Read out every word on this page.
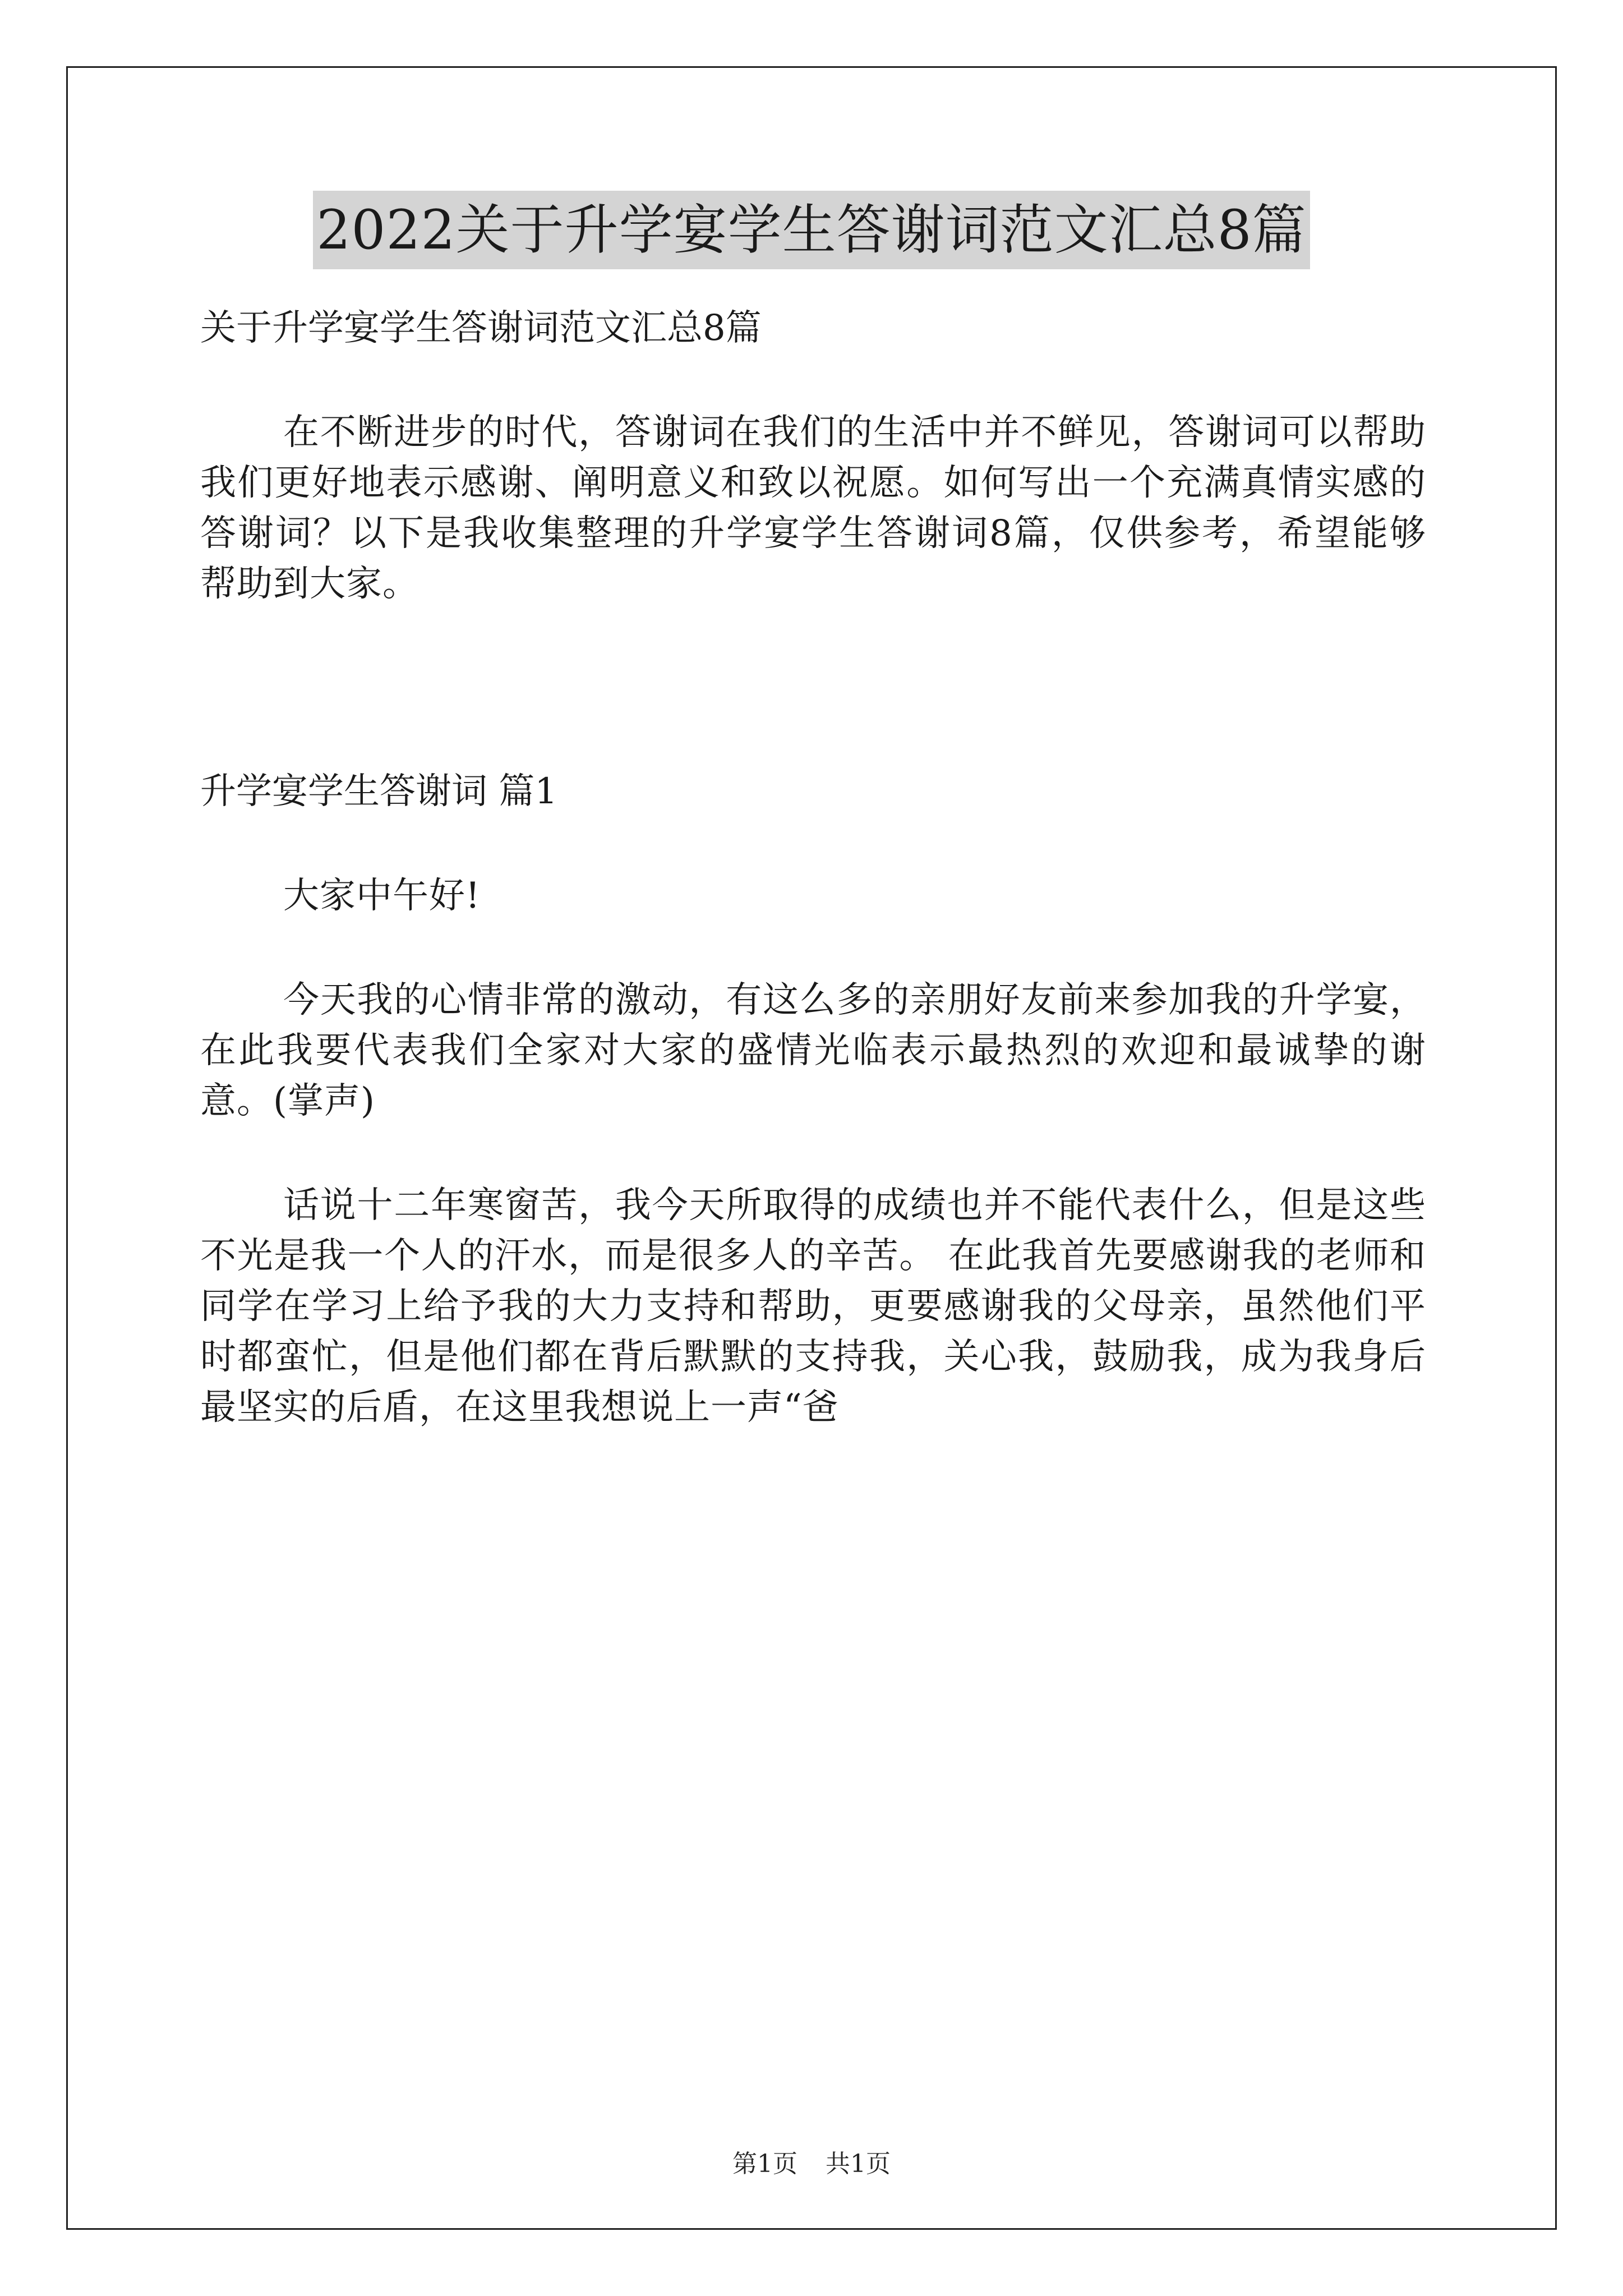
2022关于升学宴学生答谢词范文汇总8篇

关于升学宴学生答谢词范文汇总8篇

在不断进步的时代，答谢词在我们的生活中并不鲜见，答谢词可以帮助我们更好地表示感谢、阐明意义和致以祝愿。如何写出一个充满真情实感的答谢词？以下是我收集整理的升学宴学生答谢词8篇，仅供参考，希望能够帮助到大家。

升学宴学生答谢词 篇1

大家中午好!

今天我的心情非常的激动，有这么多的亲朋好友前来参加我的升学宴，在此我要代表我们全家对大家的盛情光临表示最热烈的欢迎和最诚挚的谢意。(掌声)

话说十二年寒窗苦，我今天所取得的成绩也并不能代表什么，但是这些不光是我一个人的汗水，而是很多人的辛苦。 在此我首先要感谢我的老师和同学在学习上给予我的大力支持和帮助，更要感谢我的父母亲，虽然他们平时都蛮忙，但是他们都在背后默默的支持我，关心我，鼓励我，成为我身后最坚实的后盾，在这里我想说上一声“爸

第1页 共1页
